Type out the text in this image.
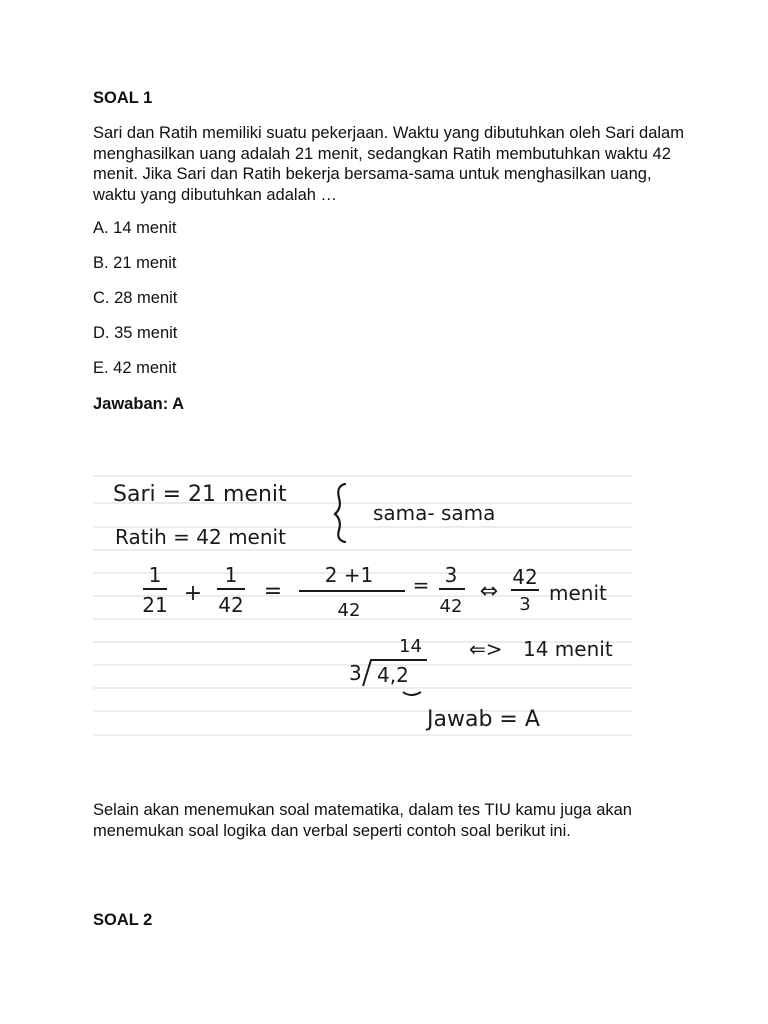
SOAL 1
Sari dan Ratih memiliki suatu pekerjaan. Waktu yang dibutuhkan oleh Sari dalam menghasilkan uang adalah 21 menit, sedangkan Ratih membutuhkan waktu 42 menit. Jika Sari dan Ratih bekerja bersama-sama untuk menghasilkan uang, waktu yang dibutuhkan adalah …
A. 14 menit
B. 21 menit
C. 28 menit
D. 35 menit
E. 42 menit
Jawaban: A
Sari = 21 menit
Ratih = 42 menit
sama- sama
1
21 +
1
42
=
2 +1
42
= 3
42
⇔
42
3 menit
14
3 4,2
⇐> 14 menit
Jawab = A
Selain akan menemukan soal matematika, dalam tes TIU kamu juga akan menemukan soal logika dan verbal seperti contoh soal berikut ini.
SOAL 2
